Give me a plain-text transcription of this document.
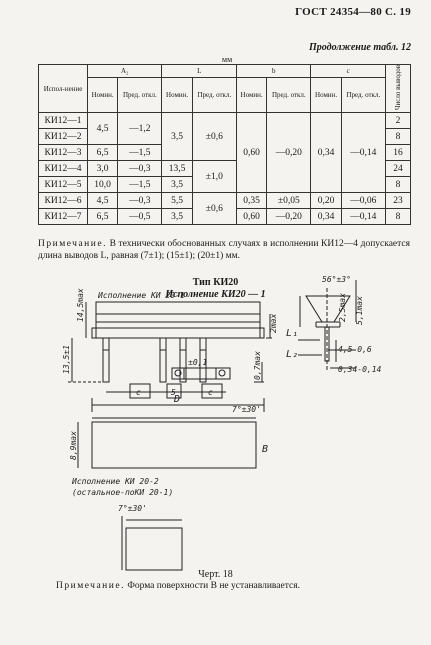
ГОСТ 24354—80 С. 19
Продолжение табл. 12
мм
Испол-нение	A₂		L		b		c		Число выводов
	Номин.	Пред. откл.	Номин.	Пред. откл.	Номин.	Пред. откл.	Номин.	Пред. откл.	
КИ12—1	4,5	—1,2	3,5	±0,6	0,60	—0,20	0,34	—0,14	2
КИ12—2									8
КИ12—3	6,5	—1,5							16
КИ12—4	3,0	—0,3	13,5	±1,0					24
КИ12—5	10,0	—1,5	3,5						8
КИ12—6	4,5	—0,3	5,5	±0,6	0,35	±0,05	0,20	—0,06	23
КИ12—7	6,5	—0,5	3,5		0,60	—0,20	0,34	—0,14	8
Примечание. В технически обоснованных случаях в исполнении КИ12—4 допускается длина выводов L, равная (7±1); (15±1); (20±1) мм.
Тип КИ20
Исполнение КИ20 — 1
Исполнение КИ 20-1
14,5max
13,5±1
2max
0,7max
c	5	c
±0,1
D
7°±30'
8,9max	B
Исполнение КИ 20-2
(остальное-поКИ 20-1)
7°±30'
56°±3°
2,5max 5,1max
L₁
L₂	4,5-0,6
0,34-0,14
Черт. 18
Примечание. Форма поверхности B не устанавливается.
